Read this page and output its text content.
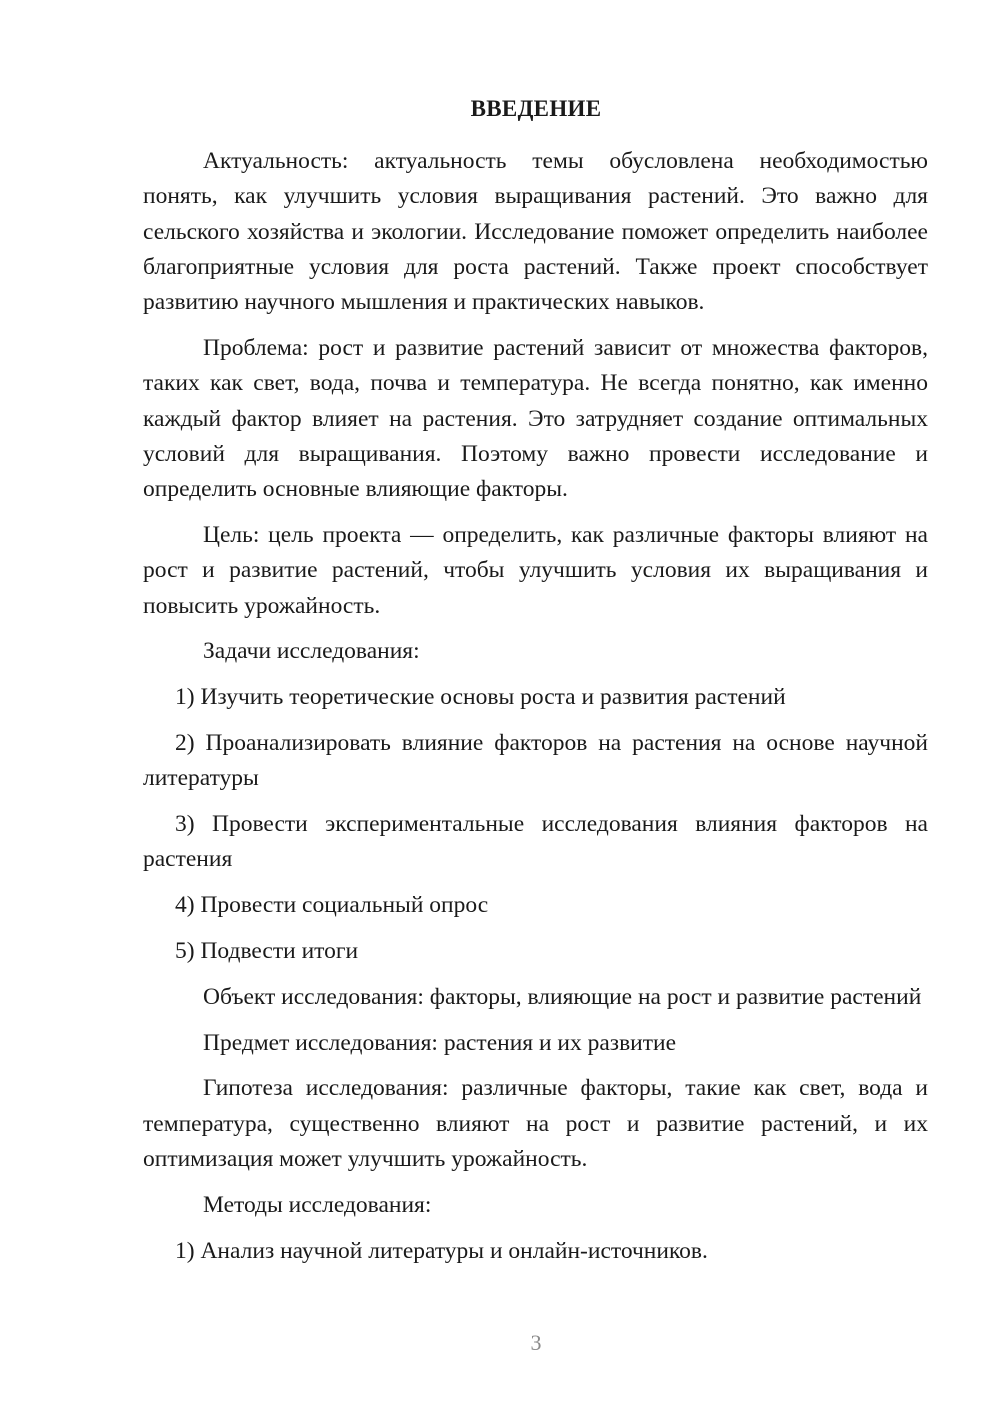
ВВЕДЕНИЕ

Актуальность: актуальность темы обусловлена необходимостью понять, как улучшить условия выращивания растений. Это важно для сельского хозяйства и экологии. Исследование поможет определить наиболее благоприятные условия для роста растений. Также проект способствует развитию научного мышления и практических навыков.

Проблема: рост и развитие растений зависит от множества факторов, таких как свет, вода, почва и температура. Не всегда понятно, как именно каждый фактор влияет на растения. Это затрудняет создание оптимальных условий для выращивания. Поэтому важно провести исследование и определить основные влияющие факторы.

Цель: цель проекта — определить, как различные факторы влияют на рост и развитие растений, чтобы улучшить условия их выращивания и повысить урожайность.

Задачи исследования:

1) Изучить теоретические основы роста и развития растений

2) Проанализировать влияние факторов на растения на основе научной литературы

3) Провести экспериментальные исследования влияния факторов на растения

4) Провести социальный опрос

5) Подвести итоги

Объект исследования: факторы, влияющие на рост и развитие растений

Предмет исследования: растения и их развитие

Гипотеза исследования: различные факторы, такие как свет, вода и температура, существенно влияют на рост и развитие растений, и их оптимизация может улучшить урожайность.

Методы исследования:

1) Анализ научной литературы и онлайн-источников.

3
